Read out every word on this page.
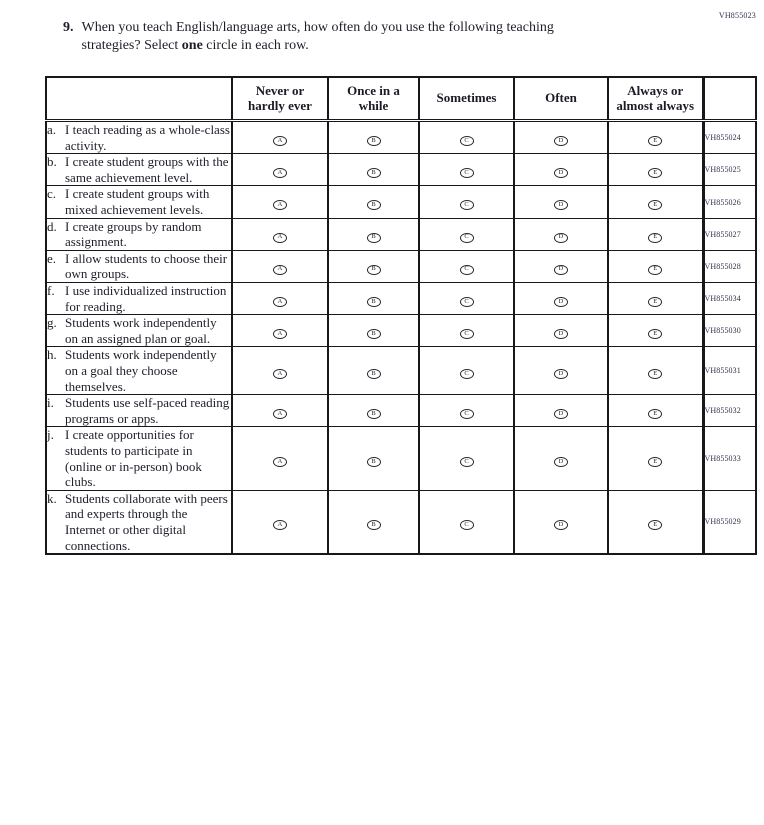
VH855023
9. When you teach English/language arts, how often do you use the following teaching strategies? Select one circle in each row.
	Never or hardly ever	Once in a while	Sometimes	Often	Always or almost always	

a. I teach reading as a whole-class activity.	A	B	C	D	E	VH855024

b. I create student groups with the same achievement level.	A	B	C	D	E	VH855025

c. I create student groups with mixed achievement levels.	A	B	C	D	E	VH855026

d. I create groups by random assignment.	A	B	C	D	E	VH855027

e. I allow students to choose their own groups.	A	B	C	D	E	VH855028

f. I use individualized instruction for reading.	A	B	C	D	E	VH855034

g. Students work independently on an assigned plan or goal.	A	B	C	D	E	VH855030

h. Students work independently on a goal they choose themselves.	A	B	C	D	E	VH855031

i. Students use self-paced reading programs or apps.	A	B	C	D	E	VH855032

j. I create opportunities for students to participate in (online or in-person) book clubs.	A	B	C	D	E	VH855033

k. Students collaborate with peers and experts through the Internet or other digital connections.	A	B	C	D	E	VH855029
